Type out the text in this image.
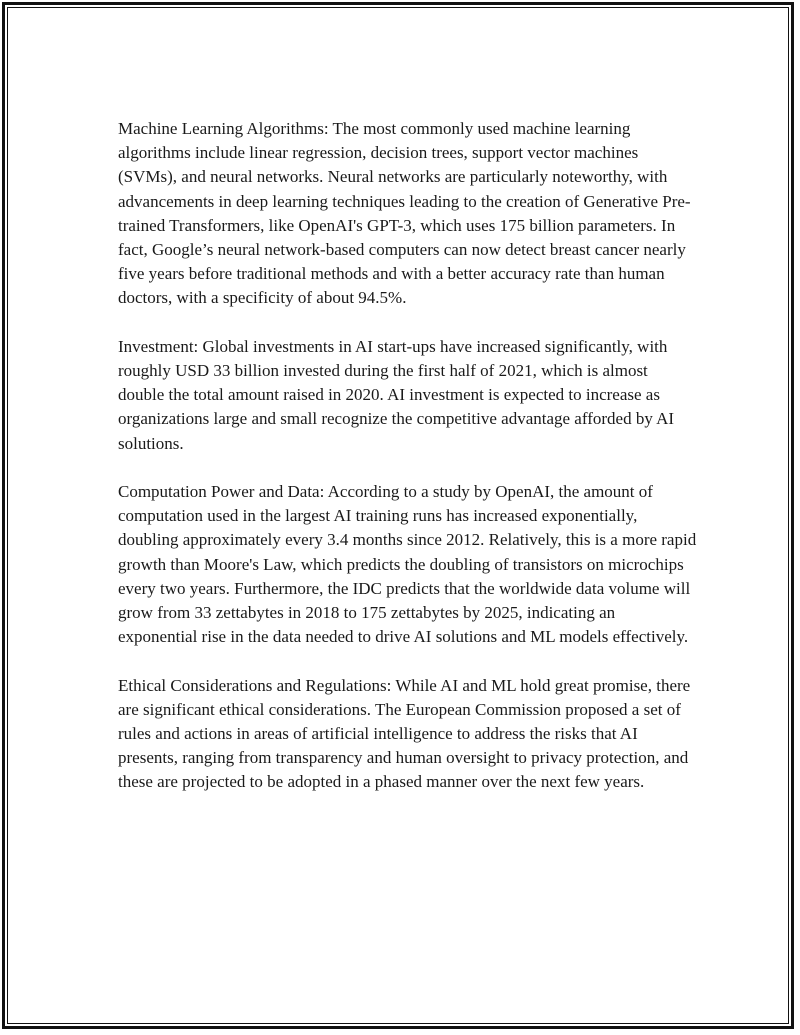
Machine Learning Algorithms: The most commonly used machine learning algorithms include linear regression, decision trees, support vector machines (SVMs), and neural networks. Neural networks are particularly noteworthy, with advancements in deep learning techniques leading to the creation of Generative Pre-trained Transformers, like OpenAI's GPT-3, which uses 175 billion parameters. In fact, Google’s neural network-based computers can now detect breast cancer nearly five years before traditional methods and with a better accuracy rate than human doctors, with a specificity of about 94.5%.

Investment: Global investments in AI start-ups have increased significantly, with roughly USD 33 billion invested during the first half of 2021, which is almost double the total amount raised in 2020. AI investment is expected to increase as organizations large and small recognize the competitive advantage afforded by AI solutions.

Computation Power and Data: According to a study by OpenAI, the amount of computation used in the largest AI training runs has increased exponentially, doubling approximately every 3.4 months since 2012. Relatively, this is a more rapid growth than Moore's Law, which predicts the doubling of transistors on microchips every two years. Furthermore, the IDC predicts that the worldwide data volume will grow from 33 zettabytes in 2018 to 175 zettabytes by 2025, indicating an exponential rise in the data needed to drive AI solutions and ML models effectively.

Ethical Considerations and Regulations: While AI and ML hold great promise, there are significant ethical considerations. The European Commission proposed a set of rules and actions in areas of artificial intelligence to address the risks that AI presents, ranging from transparency and human oversight to privacy protection, and these are projected to be adopted in a phased manner over the next few years.
